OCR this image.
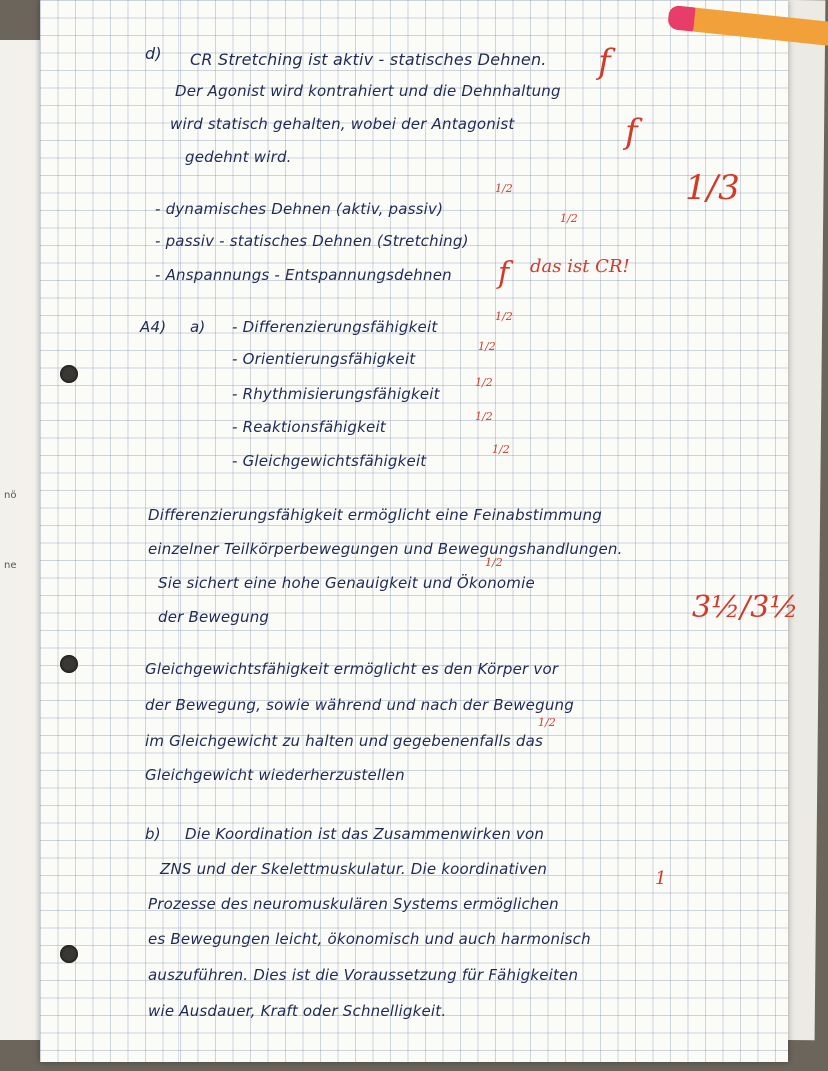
nö
ne
d) CR Stretching ist aktiv - statisches Dehnen.
Der Agonist wird kontrahiert und die Dehnhaltung
wird statisch gehalten, wobei der Antagonist
gedehnt wird.
- dynamisches Dehnen (aktiv, passiv)
- passiv - statisches Dehnen (Stretching)
- Anspannungs - Entspannungsdehnen
A4) a) - Differenzierungsfähigkeit
- Orientierungsfähigkeit
- Rhythmisierungsfähigkeit
- Reaktionsfähigkeit
- Gleichgewichtsfähigkeit
Differenzierungsfähigkeit ermöglicht eine Feinabstimmung
einzelner Teilkörperbewegungen und Bewegungshandlungen.
Sie sichert eine hohe Genauigkeit und Ökonomie
der Bewegung
Gleichgewichtsfähigkeit ermöglicht es den Körper vor
der Bewegung, sowie während und nach der Bewegung
im Gleichgewicht zu halten und gegebenenfalls das
Gleichgewicht wiederherzustellen
b) Die Koordination ist das Zusammenwirken von
ZNS und der Skelettmuskulatur. Die koordinativen
Prozesse des neuromuskulären Systems ermöglichen
es Bewegungen leicht, ökonomisch und auch harmonisch
auszuführen. Dies ist die Voraussetzung für Fähigkeiten
wie Ausdauer, Kraft oder Schnelligkeit.
f
f
1/3
f das ist CR!
3½/3½
1/2
1/2
1/2
1/2
1/2
1/2
1/2
1/2
1/2
1
